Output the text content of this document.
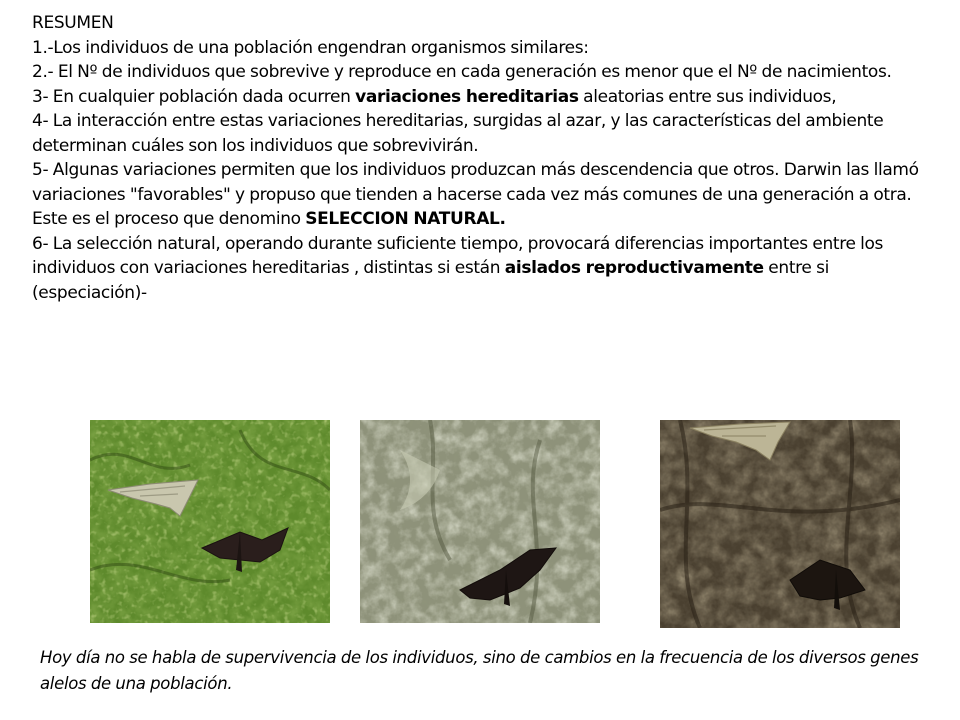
RESUMEN

1.-Los individuos de una población engendran organismos similares:

2.- El Nº de individuos que sobrevive y reproduce en cada generación es menor que el Nº de nacimientos.

3- En cualquier población dada ocurren variaciones hereditarias aleatorias entre sus individuos,

4- La interacción entre estas variaciones hereditarias, surgidas al azar, y las características del ambiente determinan cuáles son los individuos que sobrevivirán.

5- Algunas variaciones permiten que los individuos produzcan más descendencia que otros. Darwin las llamó variaciones "favorables" y propuso que tienden a hacerse cada vez más comunes de una generación a otra. Este es el proceso que denomino SELECCION NATURAL.

6- La selección natural, operando durante suficiente tiempo, provocará diferencias importantes entre los individuos con variaciones hereditarias , distintas si están aislados reproductivamente entre si (especiación)-

Hoy día no se habla de supervivencia de los individuos, sino de cambios en la frecuencia de los diversos genes alelos de una población.
